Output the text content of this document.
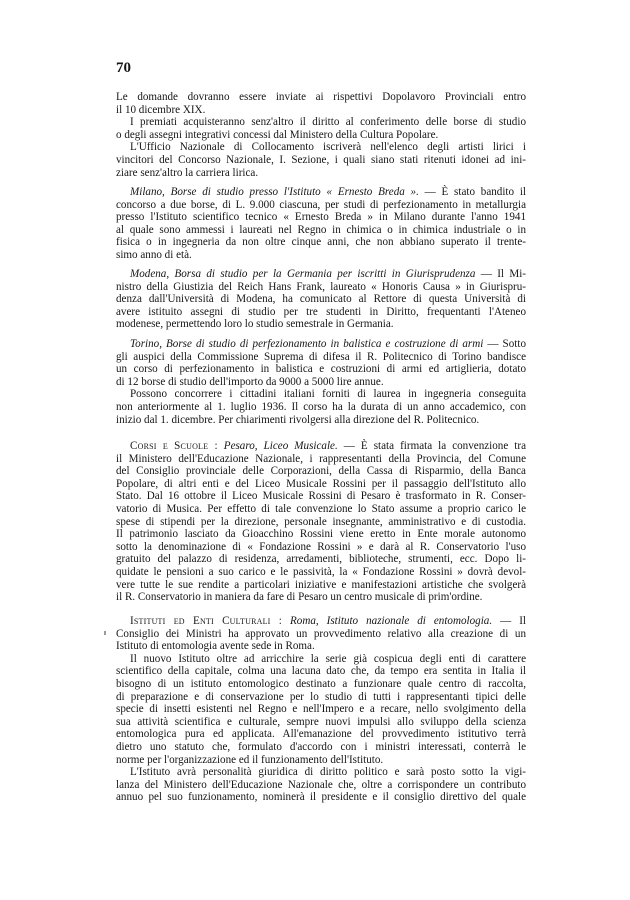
70
Le domande dovranno essere inviate ai rispettivi Dopolavoro Provinciali entro
il 10 dicembre XIX.
I premiati acquisteranno senz'altro il diritto al conferimento delle borse di studio
o degli assegni integrativi concessi dal Ministero della Cultura Popolare.
L'Ufficio Nazionale di Collocamento iscriverà nell'elenco degli artisti lirici i
vincitori del Concorso Nazionale, I. Sezione, i quali siano stati ritenuti idonei ad ini-
ziare senz'altro la carriera lirica.
Milano, Borse di studio presso l'Istituto « Ernesto Breda ». — È stato bandito il
concorso a due borse, di L. 9.000 ciascuna, per studi di perfezionamento in metallurgia
presso l'Istituto scientifico tecnico « Ernesto Breda » in Milano durante l'anno 1941
al quale sono ammessi i laureati nel Regno in chimica o in chimica industriale o in
fisica o in ingegneria da non oltre cinque anni, che non abbiano superato il trente-
simo anno di età.
Modena, Borsa di studio per la Germania per iscritti in Giurisprudenza — Il Mi-
nistro della Giustizia del Reich Hans Frank, laureato « Honoris Causa » in Giurispru-
denza dall'Università di Modena, ha comunicato al Rettore di questa Università di
avere istituito assegni di studio per tre studenti in Diritto, frequentanti l'Ateneo
modenese, permettendo loro lo studio semestrale in Germania.
Torino, Borse di studio di perfezionamento in balistica e costruzione di armi — Sotto
gli auspici della Commissione Suprema di difesa il R. Politecnico di Torino bandisce
un corso di perfezionamento in balistica e costruzioni di armi ed artiglieria, dotato
di 12 borse di studio dell'importo da 9000 a 5000 lire annue.
Possono concorrere i cittadini italiani forniti di laurea in ingegneria conseguita
non anteriormente al 1. luglio 1936. Il corso ha la durata di un anno accademico, con
inizio dal 1. dicembre. Per chiarimenti rivolgersi alla direzione del R. Politecnico.
Corsi e Scuole : Pesaro, Liceo Musicale. — È stata firmata la convenzione tra
il Ministero dell'Educazione Nazionale, i rappresentanti della Provincia, del Comune
del Consiglio provinciale delle Corporazioni, della Cassa di Risparmio, della Banca
Popolare, di altri enti e del Liceo Musicale Rossini per il passaggio dell'Istituto allo
Stato. Dal 16 ottobre il Liceo Musicale Rossini di Pesaro è trasformato in R. Conser-
vatorio di Musica. Per effetto di tale convenzione lo Stato assume a proprio carico le
spese di stipendi per la direzione, personale insegnante, amministrativo e di custodia.
Il patrimonio lasciato da Gioacchino Rossini viene eretto in Ente morale autonomo
sotto la denominazione di « Fondazione Rossini » e darà al R. Conservatorio l'uso
gratuito del palazzo di residenza, arredamenti, biblioteche, strumenti, ecc. Dopo li-
quidate le pensioni a suo carico e le passività, la « Fondazione Rossini » dovrà devol-
vere tutte le sue rendite a particolari iniziative e manifestazioni artistiche che svolgerà
il R. Conservatorio in maniera da fare di Pesaro un centro musicale di prim'ordine.
Istituti ed Enti Culturali : Roma, Istituto nazionale di entomologia. — Il
Consiglio dei Ministri ha approvato un provvedimento relativo alla creazione di un
Istituto di entomologia avente sede in Roma.
Il nuovo Istituto oltre ad arricchire la serie già cospicua degli enti di carattere
scientifico della capitale, colma una lacuna dato che, da tempo era sentita in Italia il
bisogno di un istituto entomologico destinato a funzionare quale centro di raccolta,
di preparazione e di conservazione per lo studio di tutti i rappresentanti tipici delle
specie di insetti esistenti nel Regno e nell'Impero e a recare, nello svolgimento della
sua attività scientifica e culturale, sempre nuovi impulsi allo sviluppo della scienza
entomologica pura ed applicata. All'emanazione del provvedimento istitutivo terrà
dietro uno statuto che, formulato d'accordo con i ministri interessati, conterrà le
norme per l'organizzazione ed il funzionamento dell'Istituto.
L'Istituto avrà personalità giuridica di diritto politico e sarà posto sotto la vigi-
lanza del Ministero dell'Educazione Nazionale che, oltre a corrispondere un contributo
annuo pel suo funzionamento, nominerà il presidente e il consiglio direttivo del quale
